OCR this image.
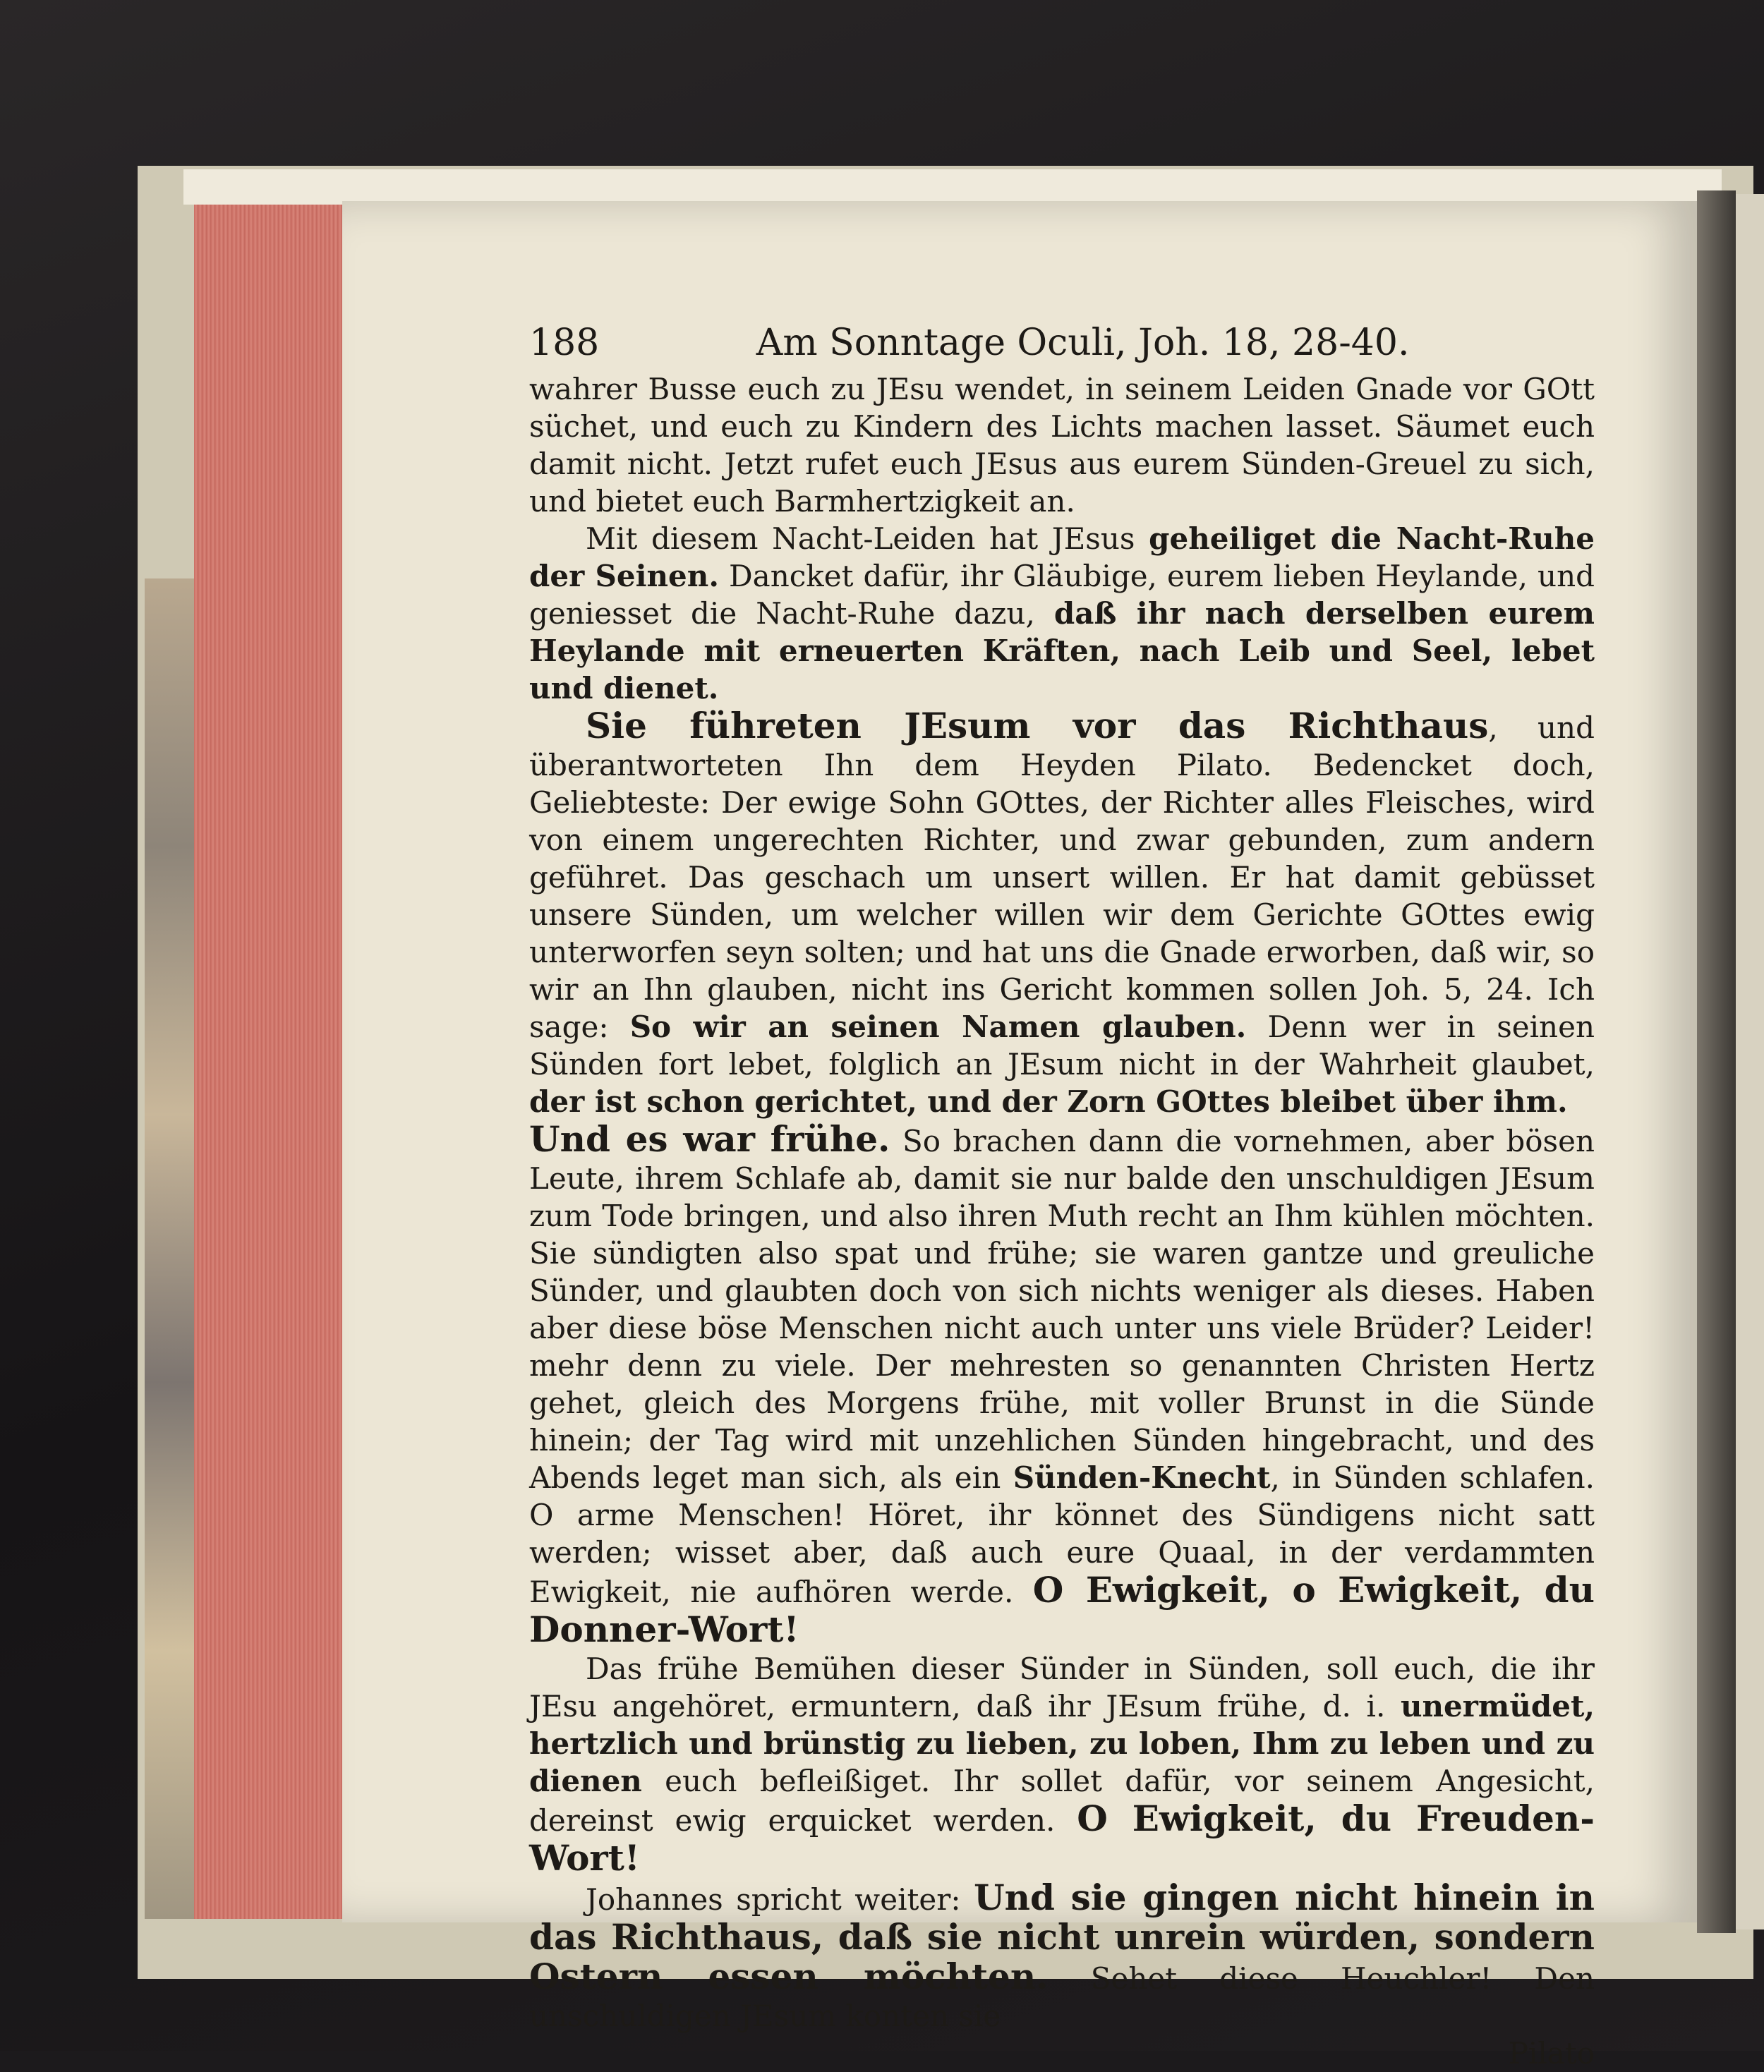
188	Am Sonntage Oculi, Joh. 18, 28-40.

wahrer Busse euch zu JEsu wendet, in seinem Leiden Gnade vor GOtt süchet, und euch zu Kindern des Lichts machen lasset. Säumet euch damit nicht. Jetzt rufet euch JEsus aus eurem Sünden-Greuel zu sich, und bietet euch Barmhertzigkeit an.

Mit diesem Nacht-Leiden hat JEsus geheiliget die Nacht-Ruhe der Seinen. Dancket dafür, ihr Gläubige, eurem lieben Heylande, und geniesset die Nacht-Ruhe dazu, daß ihr nach derselben eurem Heylande mit erneuerten Kräften, nach Leib und Seel, lebet und dienet.

Sie führeten JEsum vor das Richthaus, und überantworteten Ihn dem Heyden Pilato. Bedencket doch, Geliebteste: Der ewige Sohn GOttes, der Richter alles Fleisches, wird von einem ungerechten Richter, und zwar gebunden, zum andern geführet. Das geschach um unsert willen. Er hat damit gebüsset unsere Sünden, um welcher willen wir dem Gerichte GOttes ewig unterworfen seyn solten; und hat uns die Gnade erworben, daß wir, so wir an Ihn glauben, nicht ins Gericht kommen sollen Joh. 5, 24. Ich sage: So wir an seinen Namen glauben. Denn wer in seinen Sünden fort lebet, folglich an JEsum nicht in der Wahrheit glaubet, der ist schon gerichtet, und der Zorn GOttes bleibet über ihm.

Und es war frühe. So brachen dann die vornehmen, aber bösen Leute, ihrem Schlafe ab, damit sie nur balde den unschuldigen JEsum zum Tode bringen, und also ihren Muth recht an Ihm kühlen möchten. Sie sündigten also spat und frühe; sie waren gantze und greuliche Sünder, und glaubten doch von sich nichts weniger als dieses. Haben aber diese böse Menschen nicht auch unter uns viele Brüder? Leider! mehr denn zu viele. Der mehresten so genannten Christen Hertz gehet, gleich des Morgens frühe, mit voller Brunst in die Sünde hinein; der Tag wird mit unzehlichen Sünden hingebracht, und des Abends leget man sich, als ein Sünden-Knecht, in Sünden schlafen. O arme Menschen! Höret, ihr könnet des Sündigens nicht satt werden; wisset aber, daß auch eure Quaal, in der verdammten Ewigkeit, nie aufhören werde. O Ewigkeit, o Ewigkeit, du Donner-Wort!

Das frühe Bemühen dieser Sünder in Sünden, soll euch, die ihr JEsu angehöret, ermuntern, daß ihr JEsum frühe, d. i. unermüdet, hertzlich und brünstig zu lieben, zu loben, Ihm zu leben und zu dienen euch befleißiget. Ihr sollet dafür, vor seinem Angesicht, dereinst ewig erquicket werden. O Ewigkeit, du Freuden-Wort!

Johannes spricht weiter: Und sie gingen nicht hinein in das Richthaus, daß sie nicht unrein würden, sondern Ostern essen möchten. Sehet diese Heuchler! Den unschuldigen JEsum konten sie

Pilato
